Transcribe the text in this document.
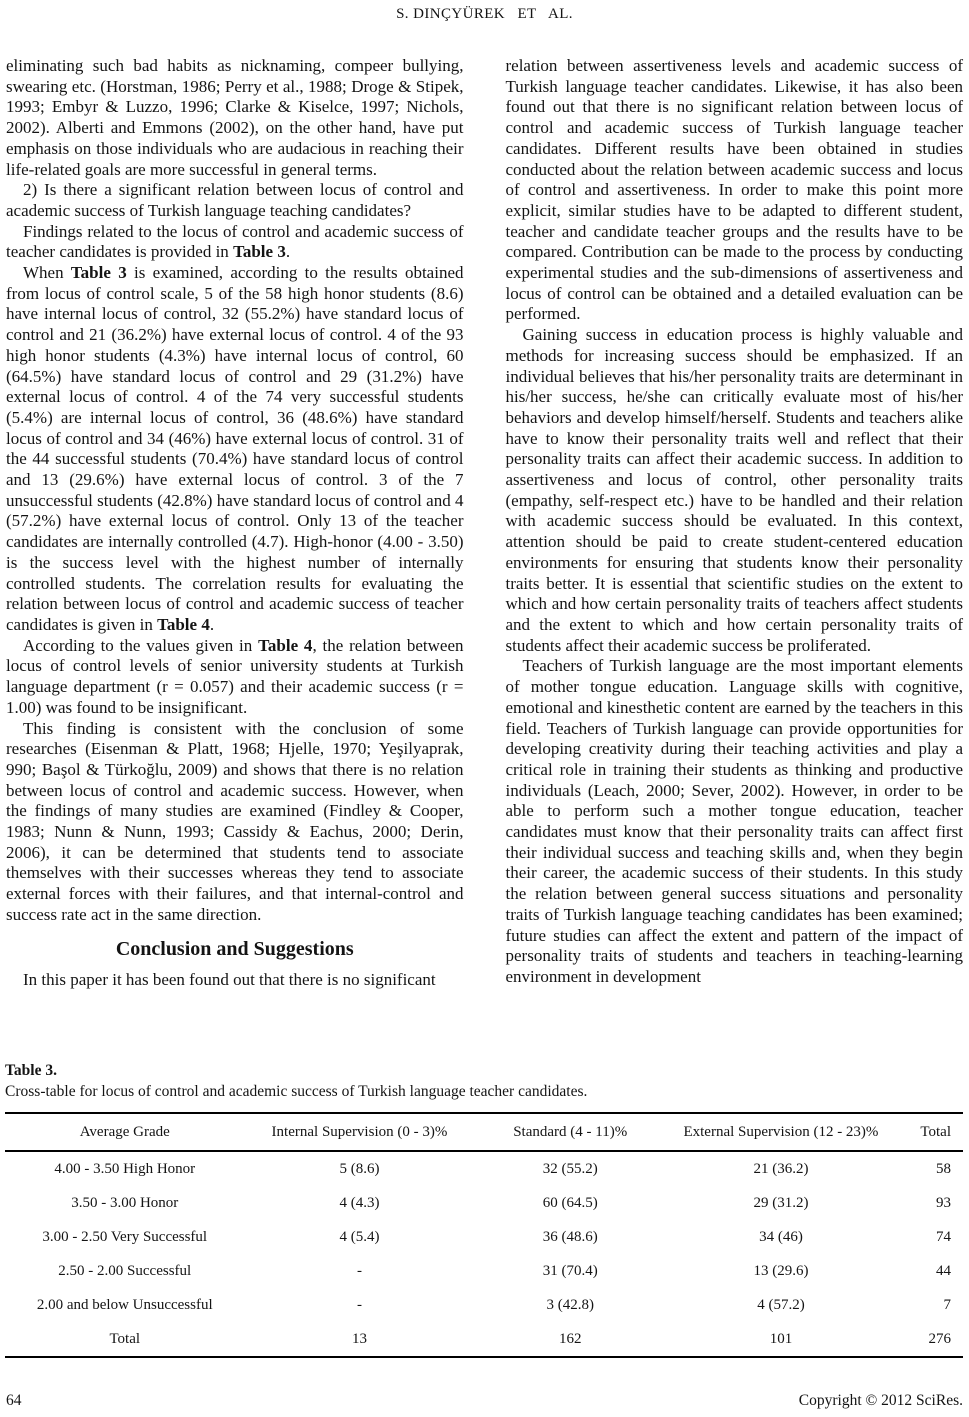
S. DINÇYÜREK   ET   AL.

eliminating such bad habits as nicknaming, compeer bullying, swearing etc. (Horstman, 1986; Perry et al., 1988; Droge & Stipek, 1993; Embyr & Luzzo, 1996; Clarke & Kiselce, 1997; Nichols, 2002). Alberti and Emmons (2002), on the other hand, have put emphasis on those individuals who are audacious in reaching their life-related goals are more successful in general terms.

2) Is there a significant relation between locus of control and academic success of Turkish language teaching candidates?

Findings related to the locus of control and academic success of teacher candidates is provided in Table 3.

When Table 3 is examined, according to the results obtained from locus of control scale, 5 of the 58 high honor students (8.6) have internal locus of control, 32 (55.2%) have standard locus of control and 21 (36.2%) have external locus of control. 4 of the 93 high honor students (4.3%) have internal locus of control, 60 (64.5%) have standard locus of control and 29 (31.2%) have external locus of control. 4 of the 74 very successful students (5.4%) are internal locus of control, 36 (48.6%) have standard locus of control and 34 (46%) have external locus of control. 31 of the 44 successful students (70.4%) have standard locus of control and 13 (29.6%) have external locus of control. 3 of the 7 unsuccessful students (42.8%) have standard locus of control and 4 (57.2%) have external locus of control. Only 13 of the teacher candidates are internally controlled (4.7). High-honor (4.00 - 3.50) is the success level with the highest number of internally controlled students. The correlation results for evaluating the relation between locus of control and academic success of teacher candidates is given in Table 4.

According to the values given in Table 4, the relation between locus of control levels of senior university students at Turkish language department (r = 0.057) and their academic success (r = 1.00) was found to be insignificant.

This finding is consistent with the conclusion of some researches (Eisenman & Platt, 1968; Hjelle, 1970; Yeşilyaprak, 990; Başol & Türkoğlu, 2009) and shows that there is no relation between locus of control and academic success. However, when the findings of many studies are examined (Findley & Cooper, 1983; Nunn & Nunn, 1993; Cassidy & Eachus, 2000; Derin, 2006), it can be determined that students tend to associate themselves with their successes whereas they tend to associate external forces with their failures, and that internal-control and success rate act in the same direction.

Conclusion and Suggestions

In this paper it has been found out that there is no significant

relation between assertiveness levels and academic success of Turkish language teacher candidates. Likewise, it has also been found out that there is no significant relation between locus of control and academic success of Turkish language teacher candidates. Different results have been obtained in studies conducted about the relation between academic success and locus of control and assertiveness. In order to make this point more explicit, similar studies have to be adapted to different student, teacher and candidate teacher groups and the results have to be compared. Contribution can be made to the process by conducting experimental studies and the sub-dimensions of assertiveness and locus of control can be obtained and a detailed evaluation can be performed.

Gaining success in education process is highly valuable and methods for increasing success should be emphasized. If an individual believes that his/her personality traits are determinant in his/her success, he/she can critically evaluate most of his/her behaviors and develop himself/herself. Students and teachers alike have to know their personality traits well and reflect that their personality traits can affect their academic success. In addition to assertiveness and locus of control, other personality traits (empathy, self-respect etc.) have to be handled and their relation with academic success should be evaluated. In this context, attention should be paid to create student-centered education environments for ensuring that students know their personality traits better. It is essential that scientific studies on the extent to which and how certain personality traits of teachers affect students and the extent to which and how certain personality traits of students affect their academic success be proliferated.

Teachers of Turkish language are the most important elements of mother tongue education. Language skills with cognitive, emotional and kinesthetic content are earned by the teachers in this field. Teachers of Turkish language can provide opportunities for developing creativity during their teaching activities and play a critical role in training their students as thinking and productive individuals (Leach, 2000; Sever, 2002). However, in order to be able to perform such a mother tongue education, teacher candidates must know that their personality traits can affect first their individual success and teaching skills and, when they begin their career, the academic success of their students. In this study the relation between general success situations and personality traits of Turkish language teaching candidates has been examined; future studies can affect the extent and pattern of the impact of personality traits of students and teachers in teaching-learning environment in development

Table 3.
Cross-table for locus of control and academic success of Turkish language teacher candidates.
Average Grade	Internal Supervision (0 - 3)%	Standard (4 - 11)%	External Supervision (12 - 23)%	Total
4.00 - 3.50 High Honor	5 (8.6)	32 (55.2)	21 (36.2)	58
3.50 - 3.00 Honor	4 (4.3)	60 (64.5)	29 (31.2)	93
3.00 - 2.50 Very Successful	4 (5.4)	36 (48.6)	34 (46)	74
2.50 - 2.00 Successful	-	31 (70.4)	13 (29.6)	44
2.00 and below Unsuccessful	-	3 (42.8)	4 (57.2)	7
Total	13	162	101	276
64	Copyright © 2012 SciRes.
